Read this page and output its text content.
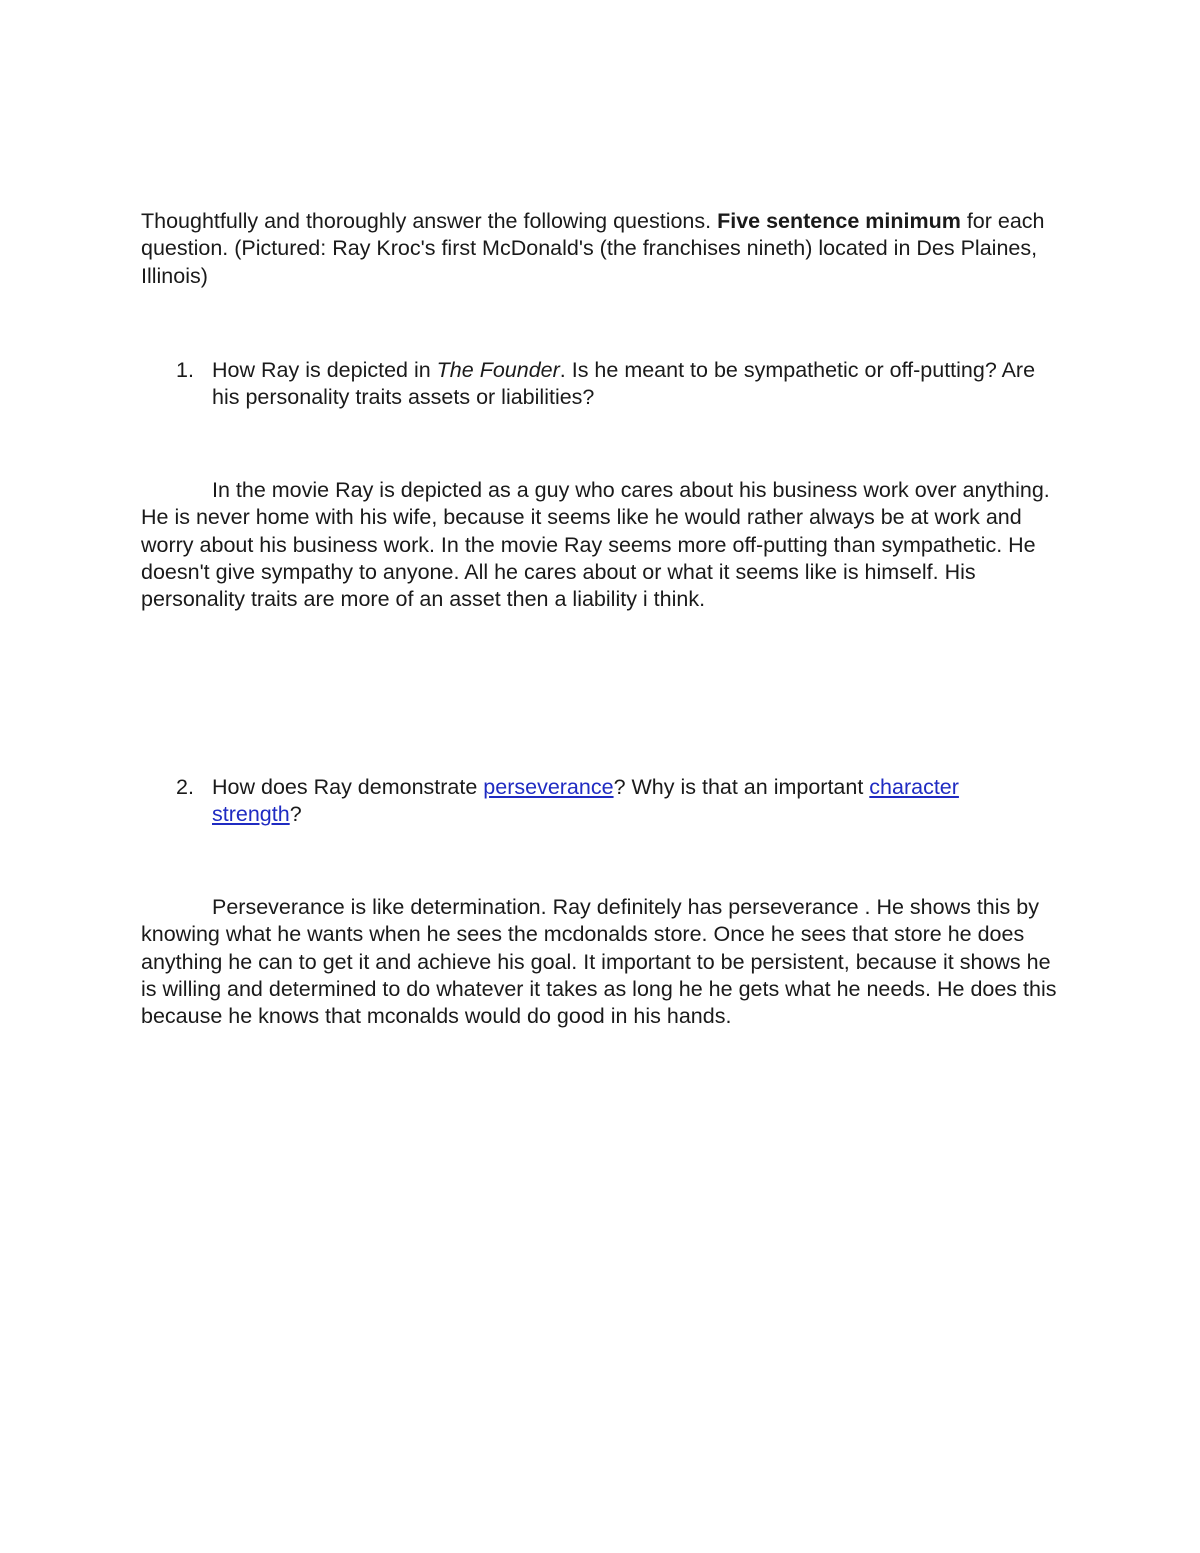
Thoughtfully and thoroughly answer the following questions. Five sentence minimum for each question. (Pictured: Ray Kroc's first McDonald's (the franchises nineth) located in Des Plaines, Illinois)

1. How Ray is depicted in The Founder. Is he meant to be sympathetic or off-putting? Are his personality traits assets or liabilities?

In the movie Ray is depicted as a guy who cares about his business work over anything. He is never home with his wife, because it seems like he would rather always be at work and worry about his business work. In the movie Ray seems more off-putting than sympathetic. He doesn't give sympathy to anyone. All he cares about or what it seems like is himself. His personality traits are more of an asset then a liability i think.

2. How does Ray demonstrate perseverance? Why is that an important character strength?

Perseverance is like determination. Ray definitely has perseverance . He shows this by knowing what he wants when he sees the mcdonalds store. Once he sees that store he does anything he can to get it and achieve his goal. It important to be persistent, because it shows he is willing and determined to do whatever it takes as long he he gets what he needs. He does this because he knows that mconalds would do good in his hands.
